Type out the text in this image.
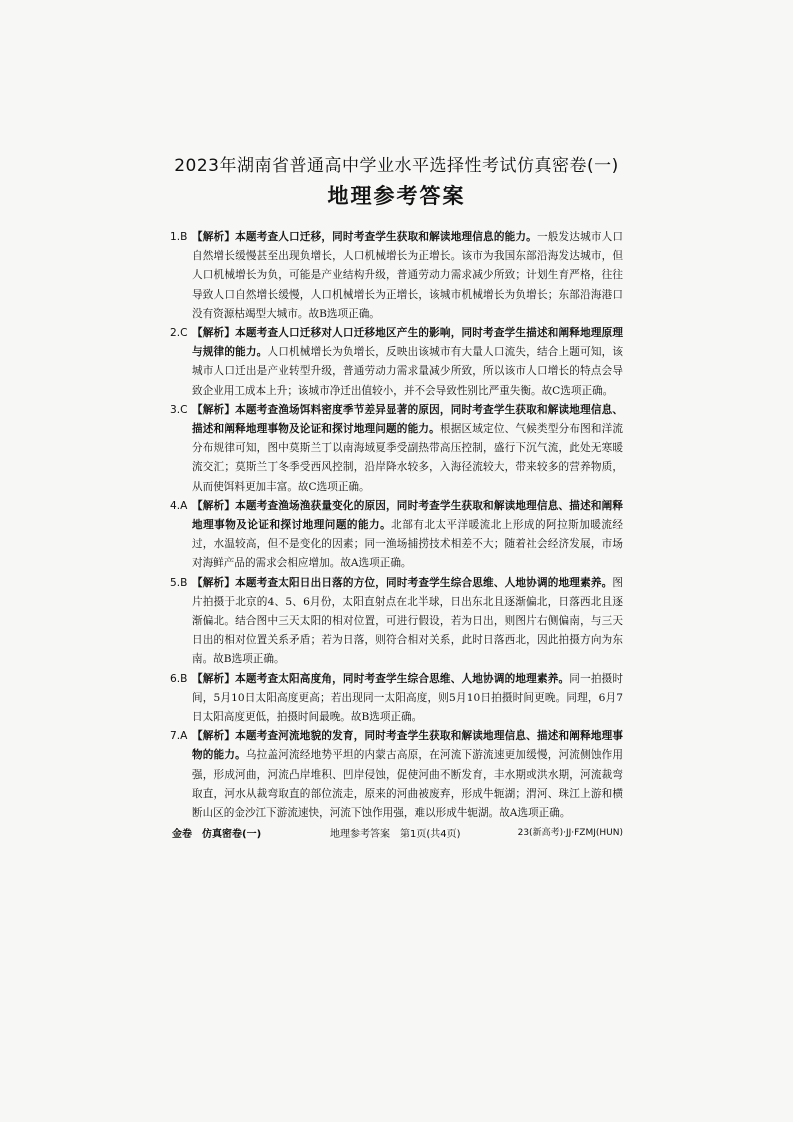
2023年湖南省普通高中学业水平选择性考试仿真密卷(一)
地理参考答案
1.B 【解析】本题考查人口迁移，同时考查学生获取和解读地理信息的能力。一般发达城市人口自然增长缓慢甚至出现负增长，人口机械增长为正增长。该市为我国东部沿海发达城市，但人口机械增长为负，可能是产业结构升级，普通劳动力需求减少所致；计划生育严格，往往导致人口自然增长缓慢，人口机械增长为正增长，该城市机械增长为负增长；东部沿海港口没有资源枯竭型大城市。故B选项正确。
2.C 【解析】本题考查人口迁移对人口迁移地区产生的影响，同时考查学生描述和阐释地理原理与规律的能力。人口机械增长为负增长，反映出该城市有大量人口流失，结合上题可知，该城市人口迁出是产业转型升级，普通劳动力需求量减少所致，所以该市人口增长的特点会导致企业用工成本上升；该城市净迁出值较小，并不会导致性别比严重失衡。故C选项正确。
3.C 【解析】本题考查渔场饵料密度季节差异显著的原因，同时考查学生获取和解读地理信息、描述和阐释地理事物及论证和探讨地理问题的能力。根据区域定位、气候类型分布图和洋流分布规律可知，图中莫斯兰丁以南海域夏季受副热带高压控制，盛行下沉气流，此处无寒暖流交汇；莫斯兰丁冬季受西风控制，沿岸降水较多，入海径流较大，带来较多的营养物质，从而使饵料更加丰富。故C选项正确。
4.A 【解析】本题考查渔场渔获量变化的原因，同时考查学生获取和解读地理信息、描述和阐释地理事物及论证和探讨地理问题的能力。北部有北太平洋暖流北上形成的阿拉斯加暖流经过，水温较高，但不是变化的因素；同一渔场捕捞技术相差不大；随着社会经济发展，市场对海鲜产品的需求会相应增加。故A选项正确。
5.B 【解析】本题考查太阳日出日落的方位，同时考查学生综合思维、人地协调的地理素养。图片拍摄于北京的4、5、6月份，太阳直射点在北半球，日出东北且逐渐偏北，日落西北且逐渐偏北。结合图中三天太阳的相对位置，可进行假设，若为日出，则图片右侧偏南，与三天日出的相对位置关系矛盾；若为日落，则符合相对关系，此时日落西北，因此拍摄方向为东南。故B选项正确。
6.B 【解析】本题考查太阳高度角，同时考查学生综合思维、人地协调的地理素养。同一拍摄时间，5月10日太阳高度更高；若出现同一太阳高度，则5月10日拍摄时间更晚。同理，6月7日太阳高度更低，拍摄时间最晚。故B选项正确。
7.A 【解析】本题考查河流地貌的发育，同时考查学生获取和解读地理信息、描述和阐释地理事物的能力。乌拉盖河流经地势平坦的内蒙古高原，在河流下游流速更加缓慢，河流侧蚀作用强，形成河曲，河流凸岸堆积、凹岸侵蚀，促使河曲不断发育，丰水期或洪水期，河流裁弯取直，河水从裁弯取直的部位流走，原来的河曲被废弃，形成牛轭湖；渭河、珠江上游和横断山区的金沙江下游流速快，河流下蚀作用强，难以形成牛轭湖。故A选项正确。
金卷　仿真密卷(一)	地理参考答案　第1页(共4页)	23(新高考)·JJ·FZMJ(HUN)
